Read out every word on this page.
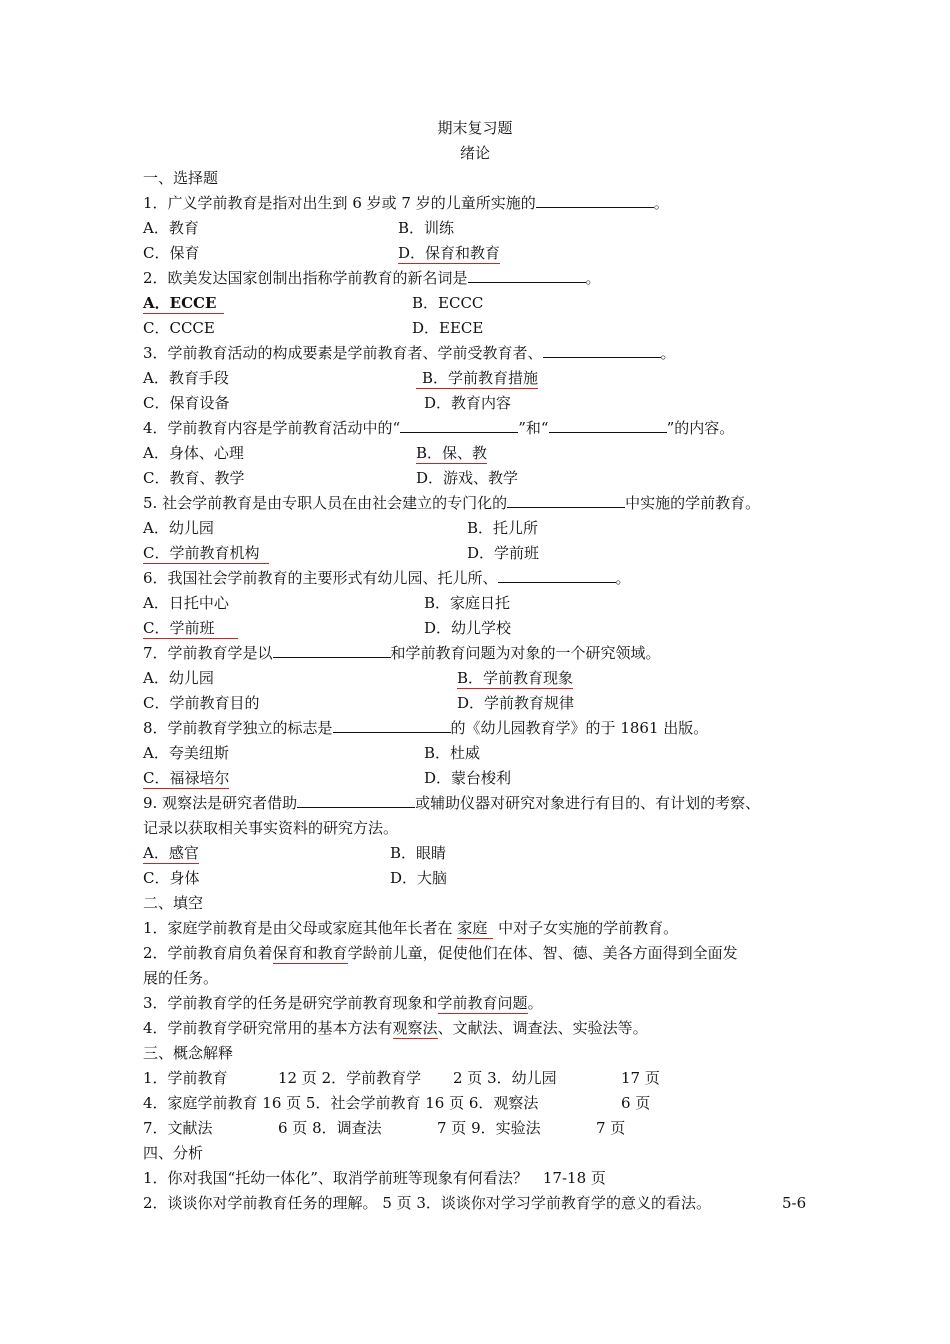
期末复习题
绪论
一、选择题
1．广义学前教育是指对出生到 6 岁或 7 岁的儿童所实施的	。
A．教育	B．训练
C．保育	D．保育和教育
2．欧美发达国家创制出指称学前教育的新名词是	。
A．ECCE	B．ECCC
C．CCCE	D．EECE
3．学前教育活动的构成要素是学前教育者、学前受教育者、	。
A．教育手段	B．学前教育措施
C．保育设备	D．教育内容
4．学前教育内容是学前教育活动中的“	”和“	”的内容。
A．身体、心理	B．保、教
C．教育、教学	D．游戏、教学
5. 社会学前教育是由专职人员在由社会建立的专门化的	中实施的学前教育。
A．幼儿园	B．托儿所
C．学前教育机构	D．学前班
6．我国社会学前教育的主要形式有幼儿园、托儿所、	。
A．日托中心	B．家庭日托
C．学前班	D．幼儿学校
7．学前教育学是以	和学前教育问题为对象的一个研究领域。
A．幼儿园	B．学前教育现象
C．学前教育目的	D．学前教育规律
8．学前教育学独立的标志是	的《幼儿园教育学》的于 1861 出版。
A．夸美纽斯	B．杜威
C．福禄培尔	D．蒙台梭利
9. 观察法是研究者借助	或辅助仪器对研究对象进行有目的、有计划的考察、
记录以获取相关事实资料的研究方法。
A．感官	B．眼睛
C．身体	D．大脑
二、填空
1．家庭学前教育是由父母或家庭其他年长者在 家庭 中对子女实施的学前教育。
2．学前教育肩负着保育和教育学龄前儿童，促使他们在体、智、德、美各方面得到全面发
展的任务。
3．学前教育学的任务是研究学前教育现象和学前教育问题。
4．学前教育学研究常用的基本方法有观察法、文献法、调查法、实验法等。
三、概念解释
1．学前教育	12 页 2．学前教育学 2 页 3．幼儿园	17 页
4．家庭学前教育 16 页 5．社会学前教育 16 页 6．观察法	6 页
7．文献法	6 页 8．调查法	7 页 9．实验法	7 页
四、分析
1．你对我国“托幼一体化”、取消学前班等现象有何看法？　17-18 页
2．谈谈你对学前教育任务的理解。 5 页 3．谈谈你对学习学前教育学的意义的看法。	5-6
